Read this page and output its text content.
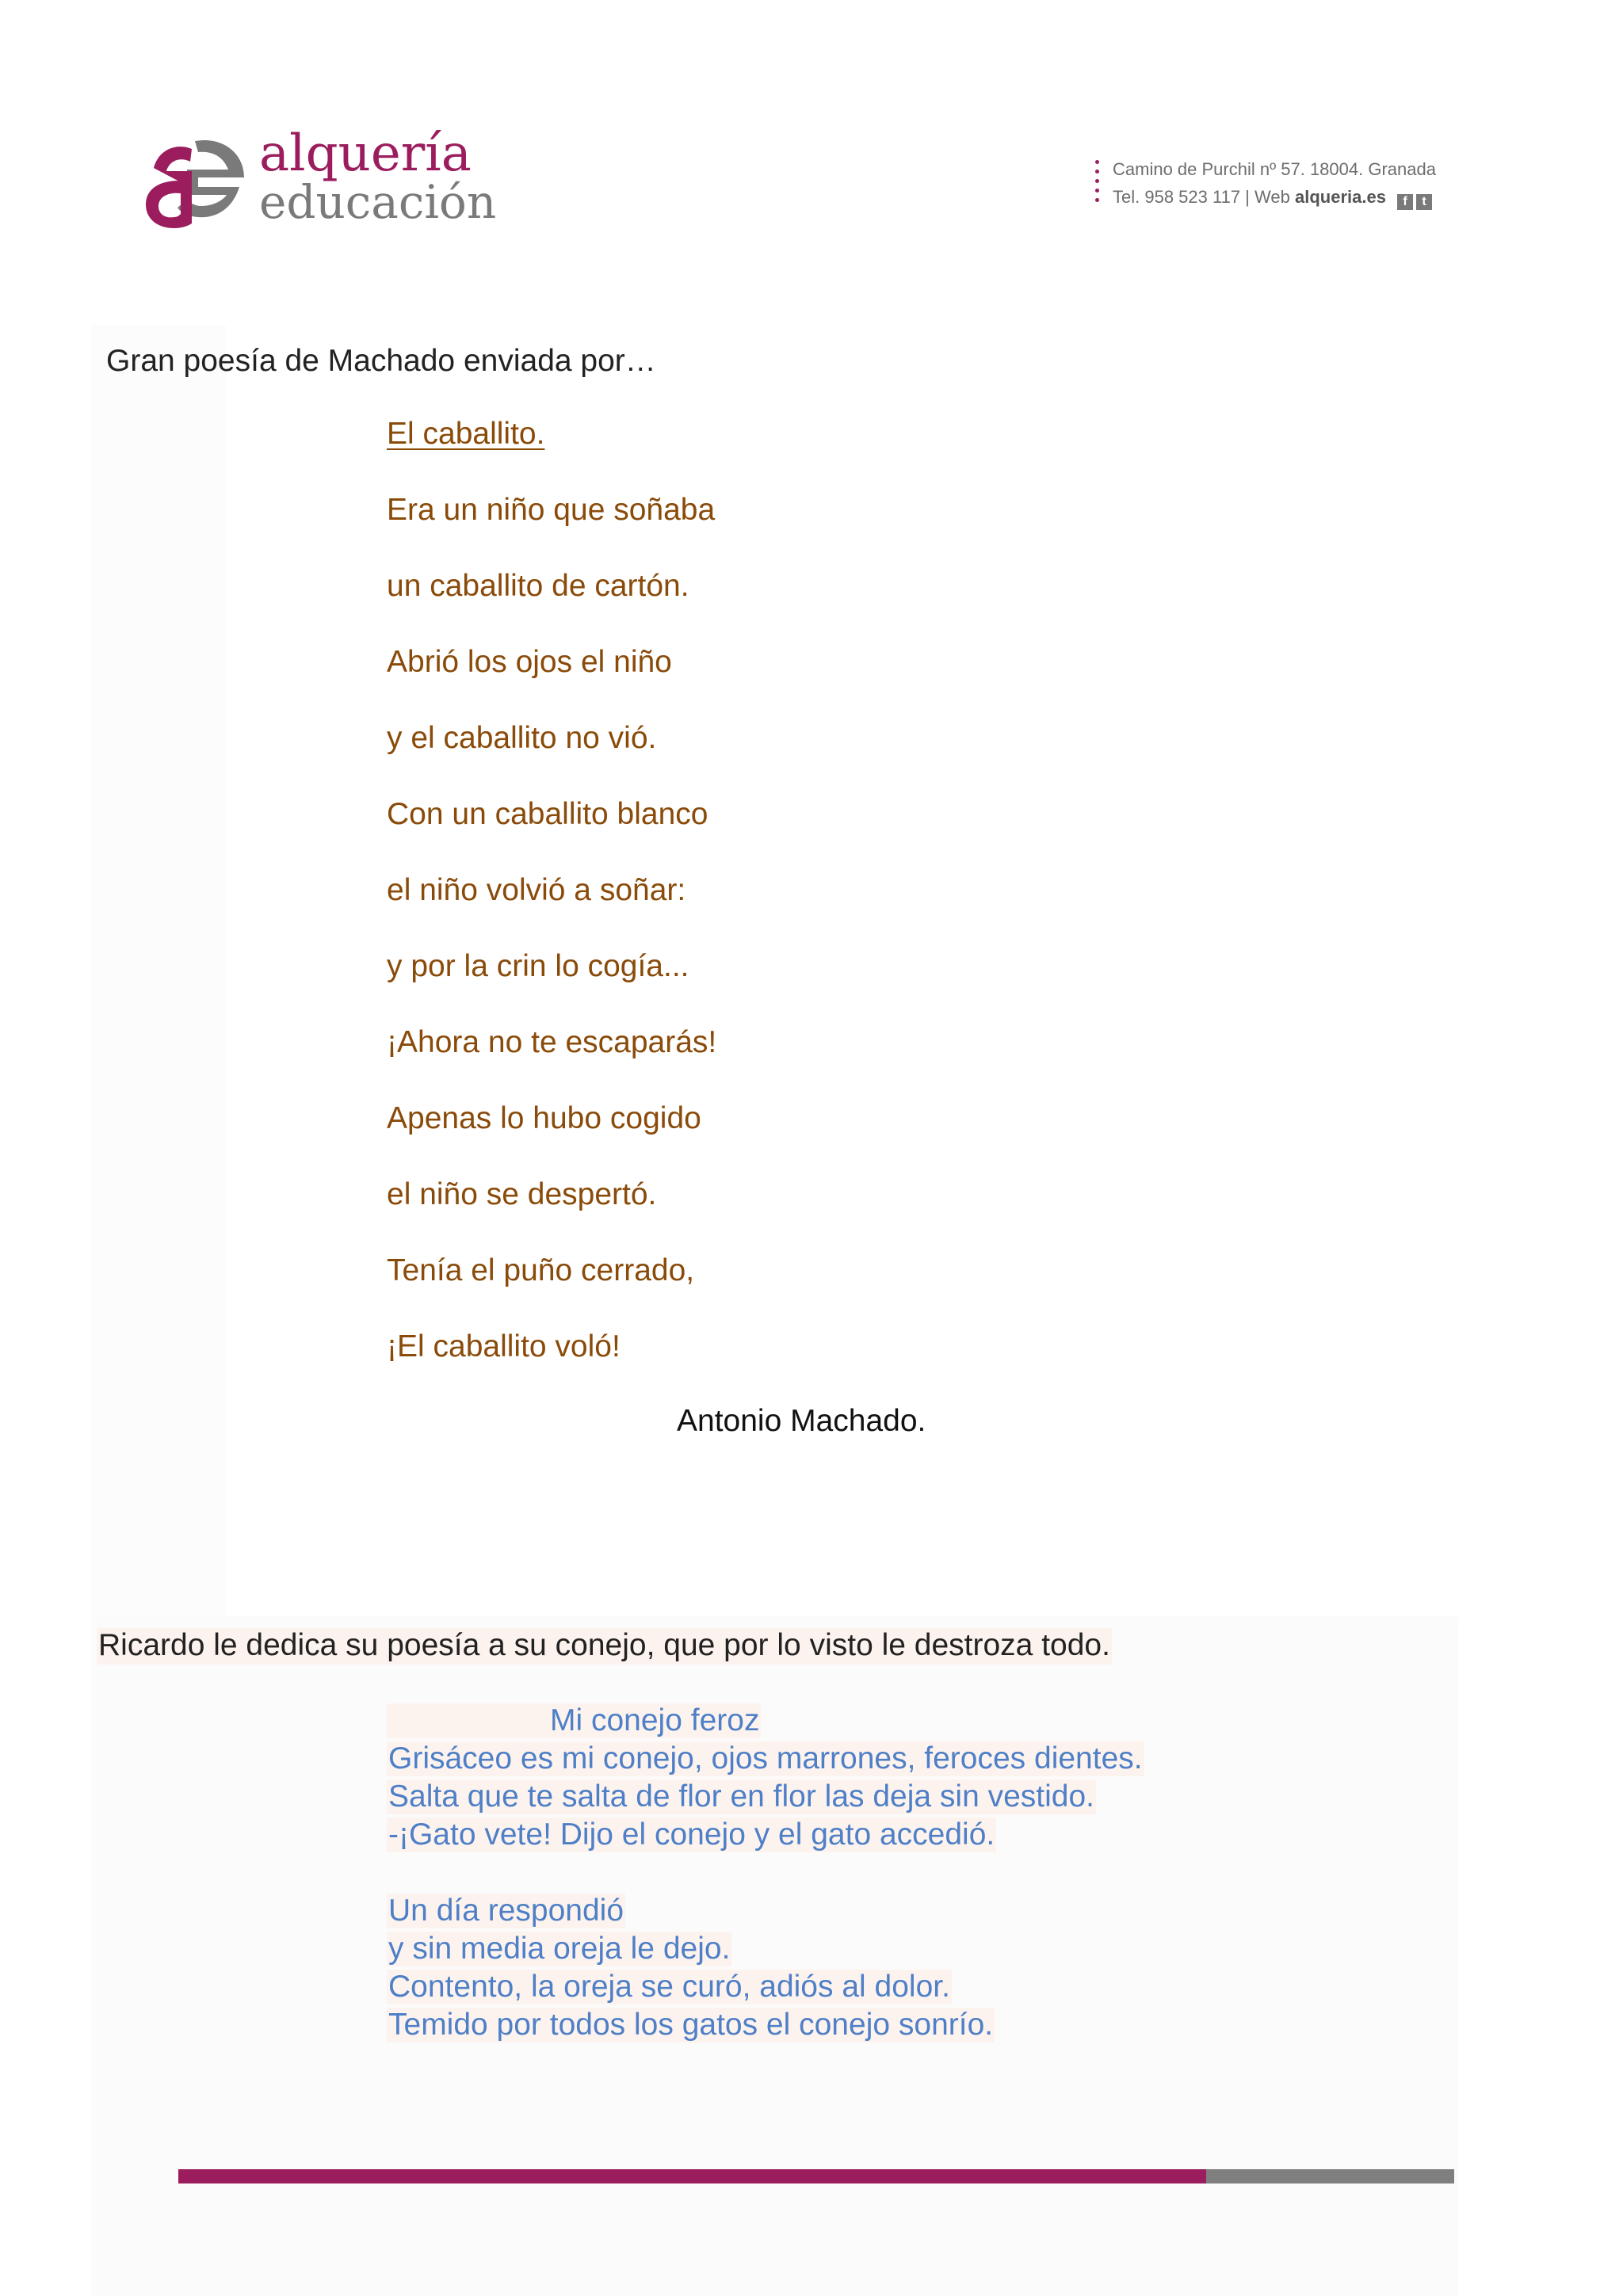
alquería
educación
Camino de Purchil nº 57. 18004. Granada
Tel. 958 523 117 | Web alqueria.es f t
Gran poesía de Machado enviada por…
El caballito.
Era un niño que soñaba
un caballito de cartón.
Abrió los ojos el niño
y el caballito no vió.
Con un caballito blanco
el niño volvió a soñar:
y por la crin lo cogía...
¡Ahora no te escaparás!
Apenas lo hubo cogido
el niño se despertó.
Tenía el puño cerrado,
¡El caballito voló!
Antonio Machado.
Ricardo le dedica su poesía a su conejo, que por lo visto le destroza todo.
Mi conejo feroz
Grisáceo es mi conejo, ojos marrones, feroces dientes.
Salta que te salta de flor en flor las deja sin vestido.
-¡Gato vete! Dijo el conejo y el gato accedió.
Un día respondió
y sin media oreja le dejo.
Contento, la oreja se curó, adiós al dolor.
Temido por todos los gatos el conejo sonrío.
